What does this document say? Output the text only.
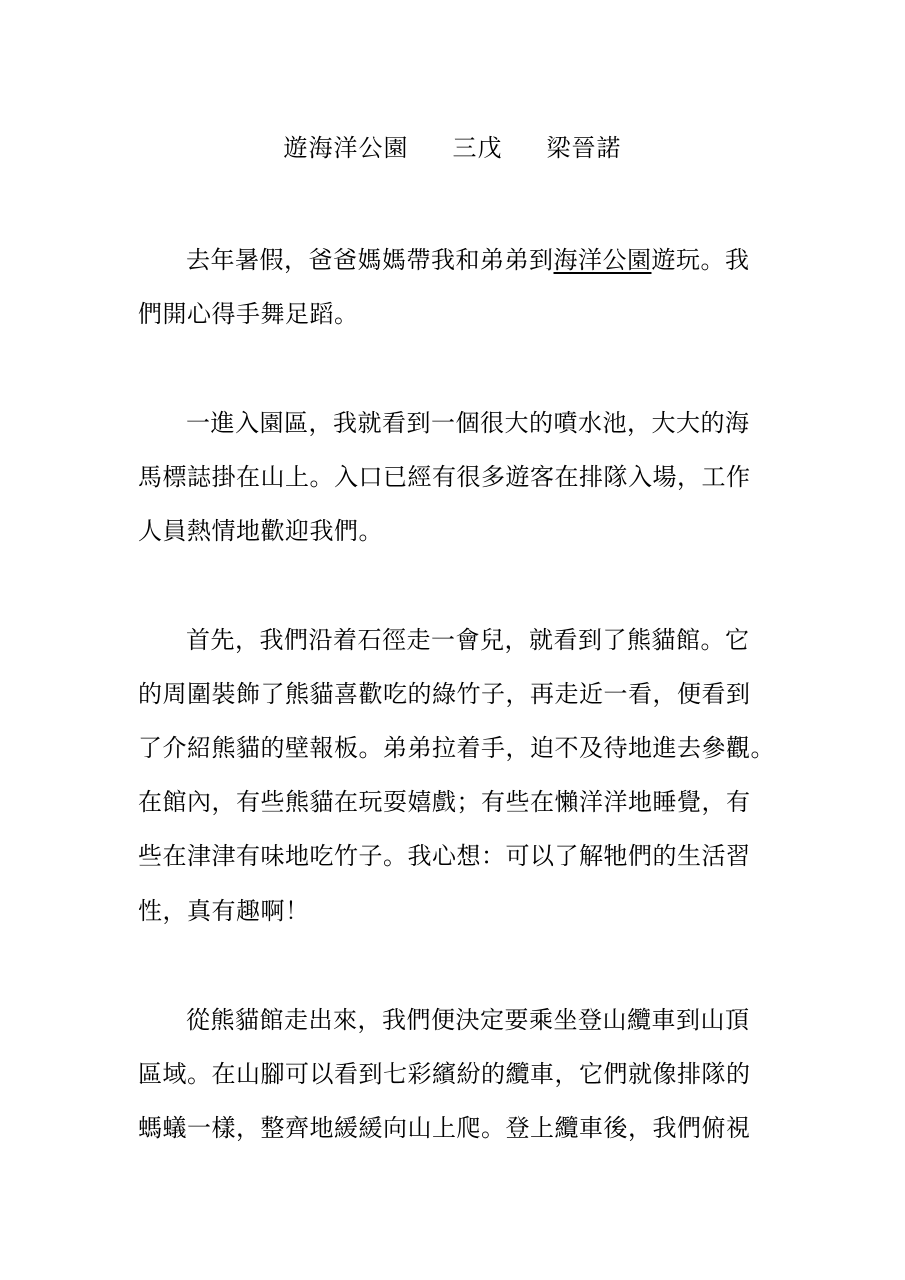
遊海洋公園 三戊 梁晉諾
去年暑假，爸爸媽媽帶我和弟弟到海洋公園遊玩。我
們開心得手舞足蹈。
一進入園區，我就看到一個很大的噴水池，大大的海
馬標誌掛在山上。入口已經有很多遊客在排隊入場，工作
人員熱情地歡迎我們。
首先，我們沿着石徑走一會兒，就看到了熊貓館。它
的周圍裝飾了熊貓喜歡吃的綠竹子，再走近一看，便看到
了介紹熊貓的壁報板。弟弟拉着手，迫不及待地進去參觀。
在館內，有些熊貓在玩耍嬉戲；有些在懶洋洋地睡覺，有
些在津津有味地吃竹子。我心想：可以了解牠們的生活習
性，真有趣啊！
從熊貓館走出來，我們便決定要乘坐登山纜車到山頂
區域。在山腳可以看到七彩繽紛的纜車，它們就像排隊的
螞蟻一樣，整齊地緩緩向山上爬。登上纜車後，我們俯視
